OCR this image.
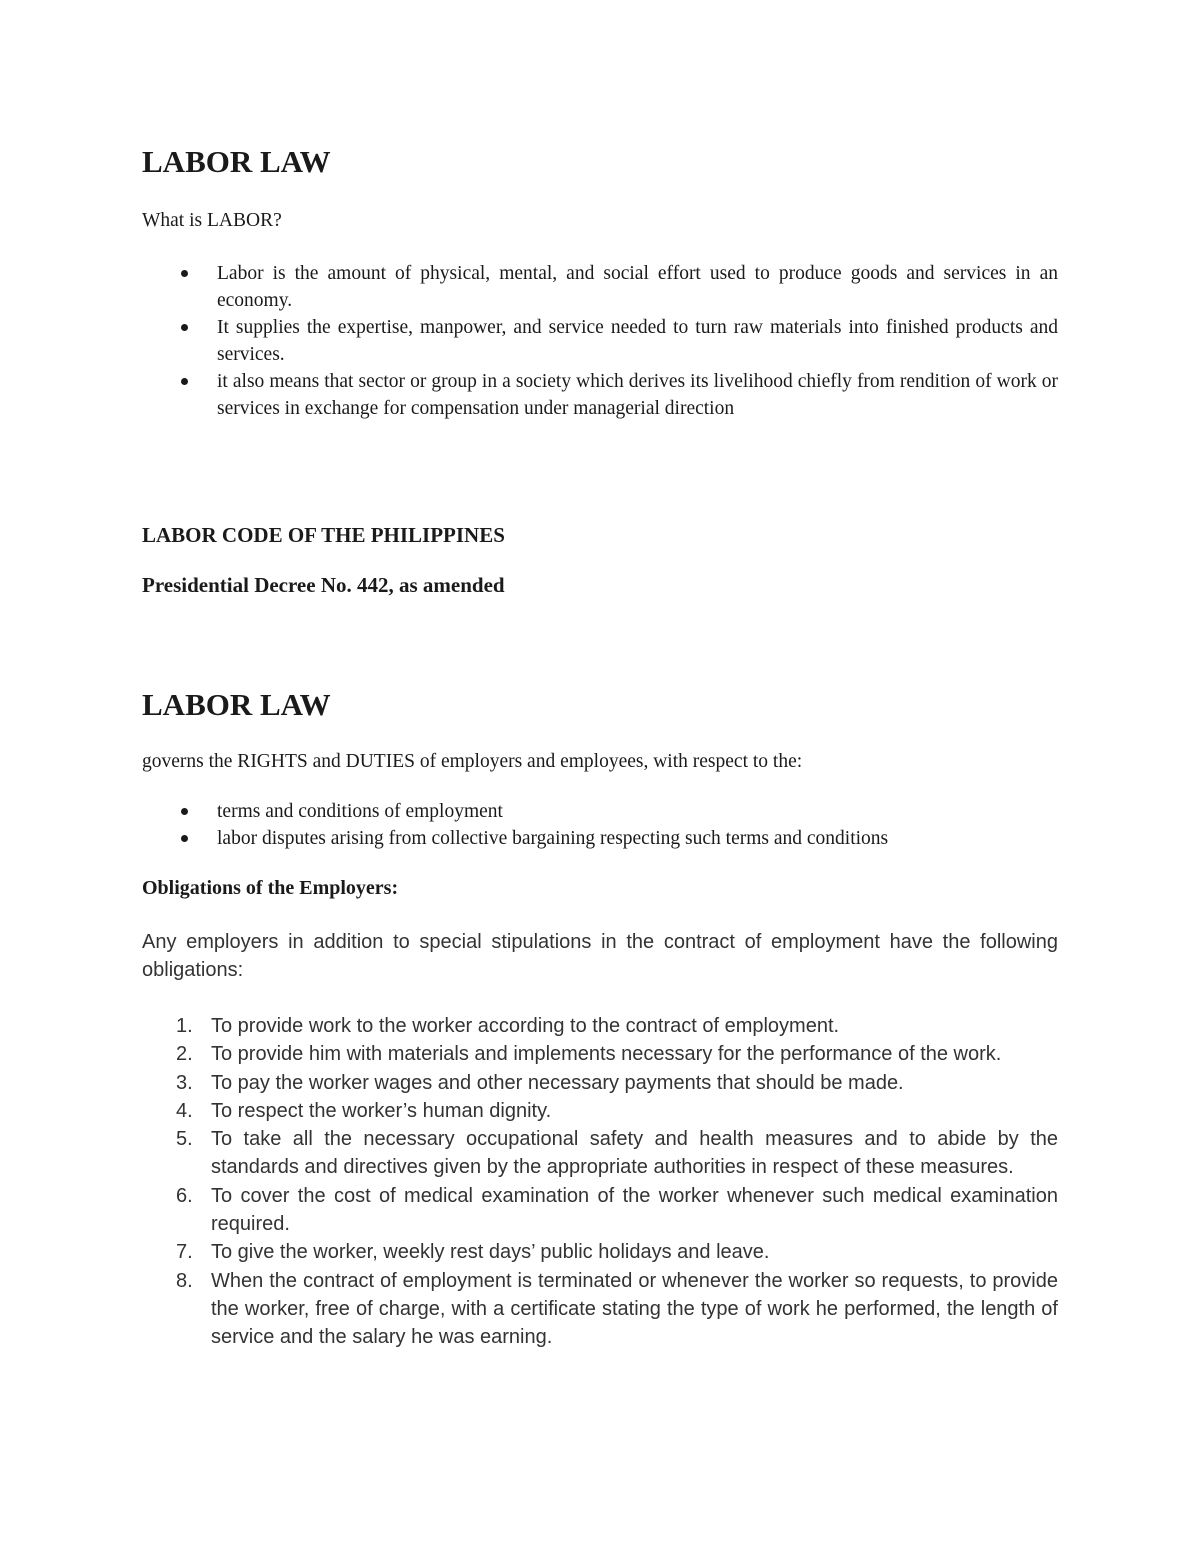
LABOR LAW

What is LABOR?

Labor is the amount of physical, mental, and social effort used to produce goods and services in an economy.
It supplies the expertise, manpower, and service needed to turn raw materials into finished products and services.
it also means that sector or group in a society which derives its livelihood chiefly from rendition of work or services in exchange for compensation under managerial direction
LABOR CODE OF THE PHILIPPINES
Presidential Decree No. 442, as amended
LABOR LAW

governs the RIGHTS and DUTIES of employers and employees, with respect to the:

terms and conditions of employment
labor disputes arising from collective bargaining respecting such terms and conditions
Obligations of the Employers:

Any employers in addition to special stipulations in the contract of employment have the following obligations:

1. To provide work to the worker according to the contract of employment.
2. To provide him with materials and implements necessary for the performance of the work.
3. To pay the worker wages and other necessary payments that should be made.
4. To respect the worker’s human dignity.
5. To take all the necessary occupational safety and health measures and to abide by the standards and directives given by the appropriate authorities in respect of these measures.
6. To cover the cost of medical examination of the worker whenever such medical examination required.
7. To give the worker, weekly rest days’ public holidays and leave.
8. When the contract of employment is terminated or whenever the worker so requests, to provide the worker, free of charge, with a certificate stating the type of work he performed, the length of service and the salary he was earning.
